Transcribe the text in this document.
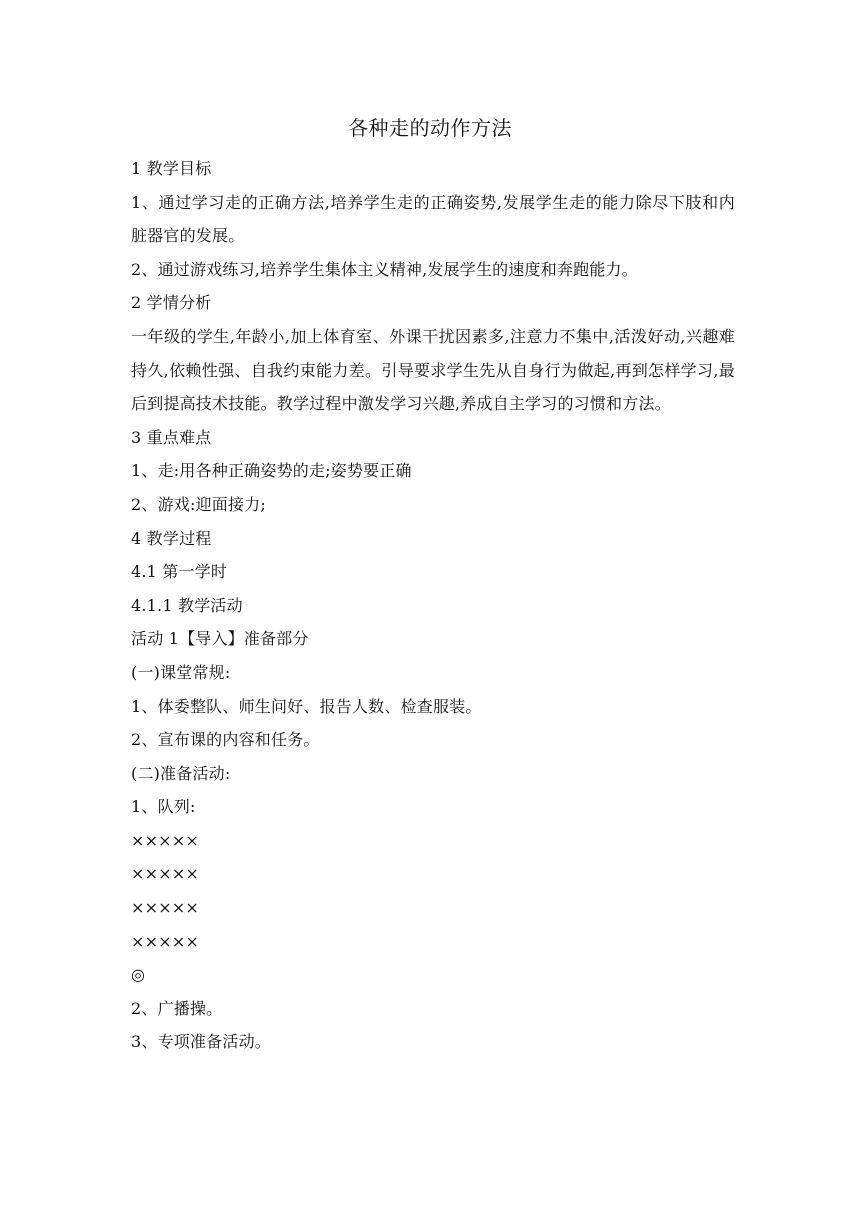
各种走的动作方法

1 教学目标

1、通过学习走的正确方法,培养学生走的正确姿势,发展学生走的能力除尽下肢和内脏器官的发展。

2、通过游戏练习,培养学生集体主义精神,发展学生的速度和奔跑能力。

2 学情分析

一年级的学生,年龄小,加上体育室、外课干扰因素多,注意力不集中,活泼好动,兴趣难持久,依赖性强、自我约束能力差。引导要求学生先从自身行为做起,再到怎样学习,最后到提高技术技能。教学过程中激发学习兴趣,养成自主学习的习惯和方法。

3 重点难点

1、走:用各种正确姿势的走;姿势要正确

2、游戏:迎面接力;

4 教学过程

4.1 第一学时

4.1.1 教学活动

活动 1【导入】准备部分

(一)课堂常规:

1、体委整队、师生问好、报告人数、检查服装。

2、宣布课的内容和任务。

(二)准备活动:

1、队列:

×××××

×××××

×××××

×××××

◎

2、广播操。

3、专项准备活动。
